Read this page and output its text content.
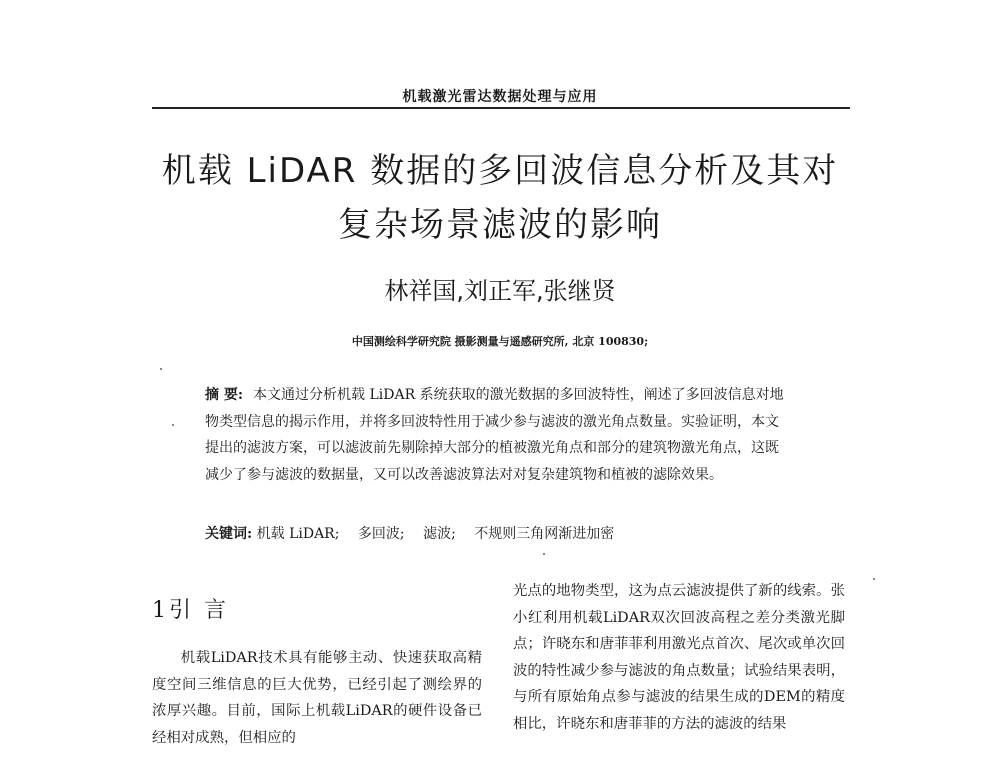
机载激光雷达数据处理与应用
机载 LiDAR 数据的多回波信息分析及其对
复杂场景滤波的影响

林祥国,刘正军,张继贤

中国测绘科学研究院 摄影测量与遥感研究所, 北京 100830;

摘 要: 本文通过分析机载 LiDAR 系统获取的激光数据的多回波特性，阐述了多回波信息对地物类型信息的揭示作用，并将多回波特性用于减少参与滤波的激光角点数量。实验证明，本文提出的滤波方案，可以滤波前先剔除掉大部分的植被激光角点和部分的建筑物激光角点，这既减少了参与滤波的数据量，又可以改善滤波算法对对复杂建筑物和植被的滤除效果。

关键词: 机载 LiDAR; 多回波; 滤波; 不规则三角网渐进加密

1引 言

机载LiDAR技术具有能够主动、快速获取高精度空间三维信息的巨大优势，已经引起了测绘界的浓厚兴趣。目前，国际上机载LiDAR的硬件设备已经相对成熟，但相应的

光点的地物类型，这为点云滤波提供了新的线索。张小红利用机载LiDAR双次回波高程之差分类激光脚点；许晓东和唐菲菲利用激光点首次、尾次或单次回波的特性减少参与滤波的角点数量；试验结果表明，与所有原始角点参与滤波的结果生成的DEM的精度相比，许晓东和唐菲菲的方法的滤波的结果
